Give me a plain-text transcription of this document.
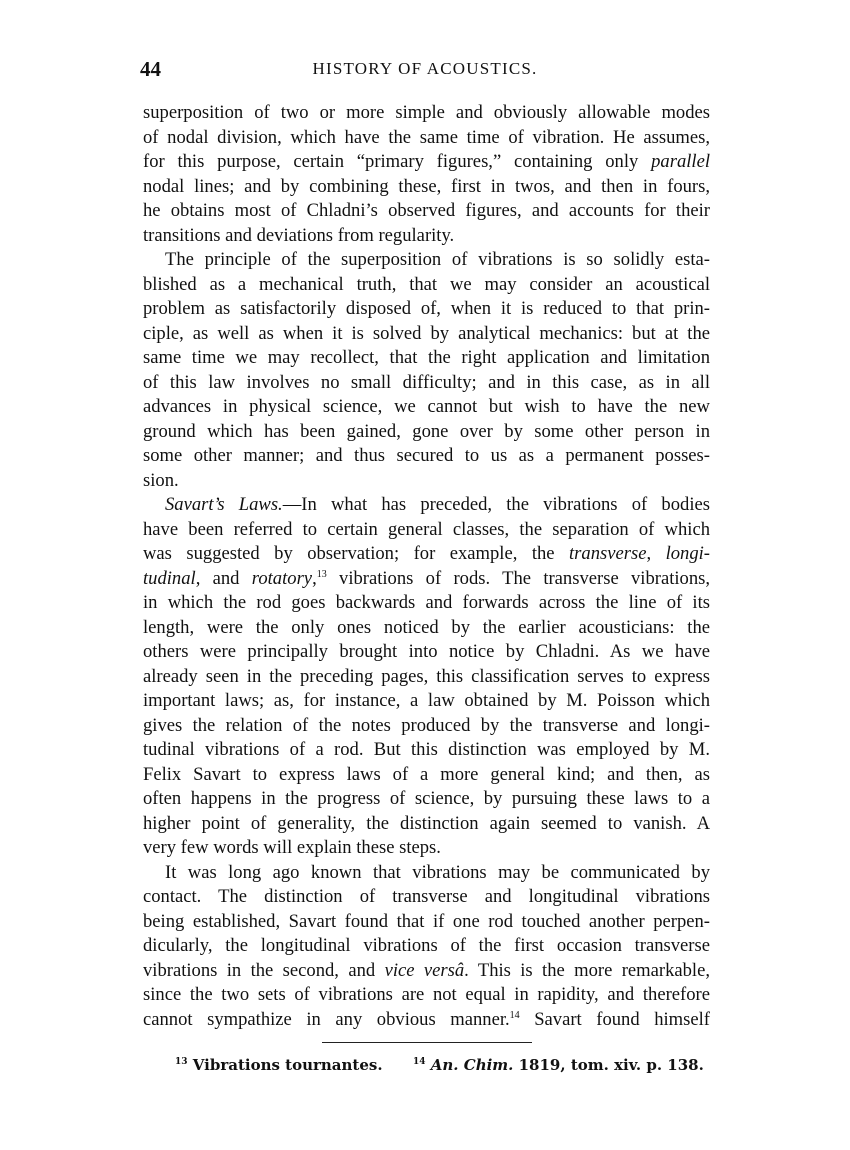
44	HISTORY OF ACOUSTICS.

superposition of two or more simple and obviously allowable modes
of nodal division, which have the same time of vibration. He assumes,
for this purpose, certain “primary figures,” containing only parallel
nodal lines; and by combining these, first in twos, and then in fours,
he obtains most of Chladni’s observed figures, and accounts for their
transitions and deviations from regularity.

The principle of the superposition of vibrations is so solidly esta-
blished as a mechanical truth, that we may consider an acoustical
problem as satisfactorily disposed of, when it is reduced to that prin-
ciple, as well as when it is solved by analytical mechanics: but at the
same time we may recollect, that the right application and limitation
of this law involves no small difficulty; and in this case, as in all
advances in physical science, we cannot but wish to have the new
ground which has been gained, gone over by some other person in
some other manner; and thus secured to us as a permanent posses-
sion.

Savart’s Laws.—In what has preceded, the vibrations of bodies
have been referred to certain general classes, the separation of which
was suggested by observation; for example, the transverse, longi-
tudinal, and rotatory,$^{13}$ vibrations of rods. The transverse vibrations,
in which the rod goes backwards and forwards across the line of its
length, were the only ones noticed by the earlier acousticians: the
others were principally brought into notice by Chladni. As we have
already seen in the preceding pages, this classification serves to express
important laws; as, for instance, a law obtained by M. Poisson which
gives the relation of the notes produced by the transverse and longi-
tudinal vibrations of a rod. But this distinction was employed by M.
Felix Savart to express laws of a more general kind; and then, as
often happens in the progress of science, by pursuing these laws to a
higher point of generality, the distinction again seemed to vanish. A
very few words will explain these steps.

It was long ago known that vibrations may be communicated by
contact. The distinction of transverse and longitudinal vibrations
being established, Savart found that if one rod touched another perpen-
dicularly, the longitudinal vibrations of the first occasion transverse
vibrations in the second, and vice versâ. This is the more remarkable,
since the two sets of vibrations are not equal in rapidity, and therefore
cannot sympathize in any obvious manner.$^{14}$ Savart found himself

$^{13}$ Vibrations tournantes.	$^{14}$ An. Chim. 1819, tom. xiv. p. 138.
